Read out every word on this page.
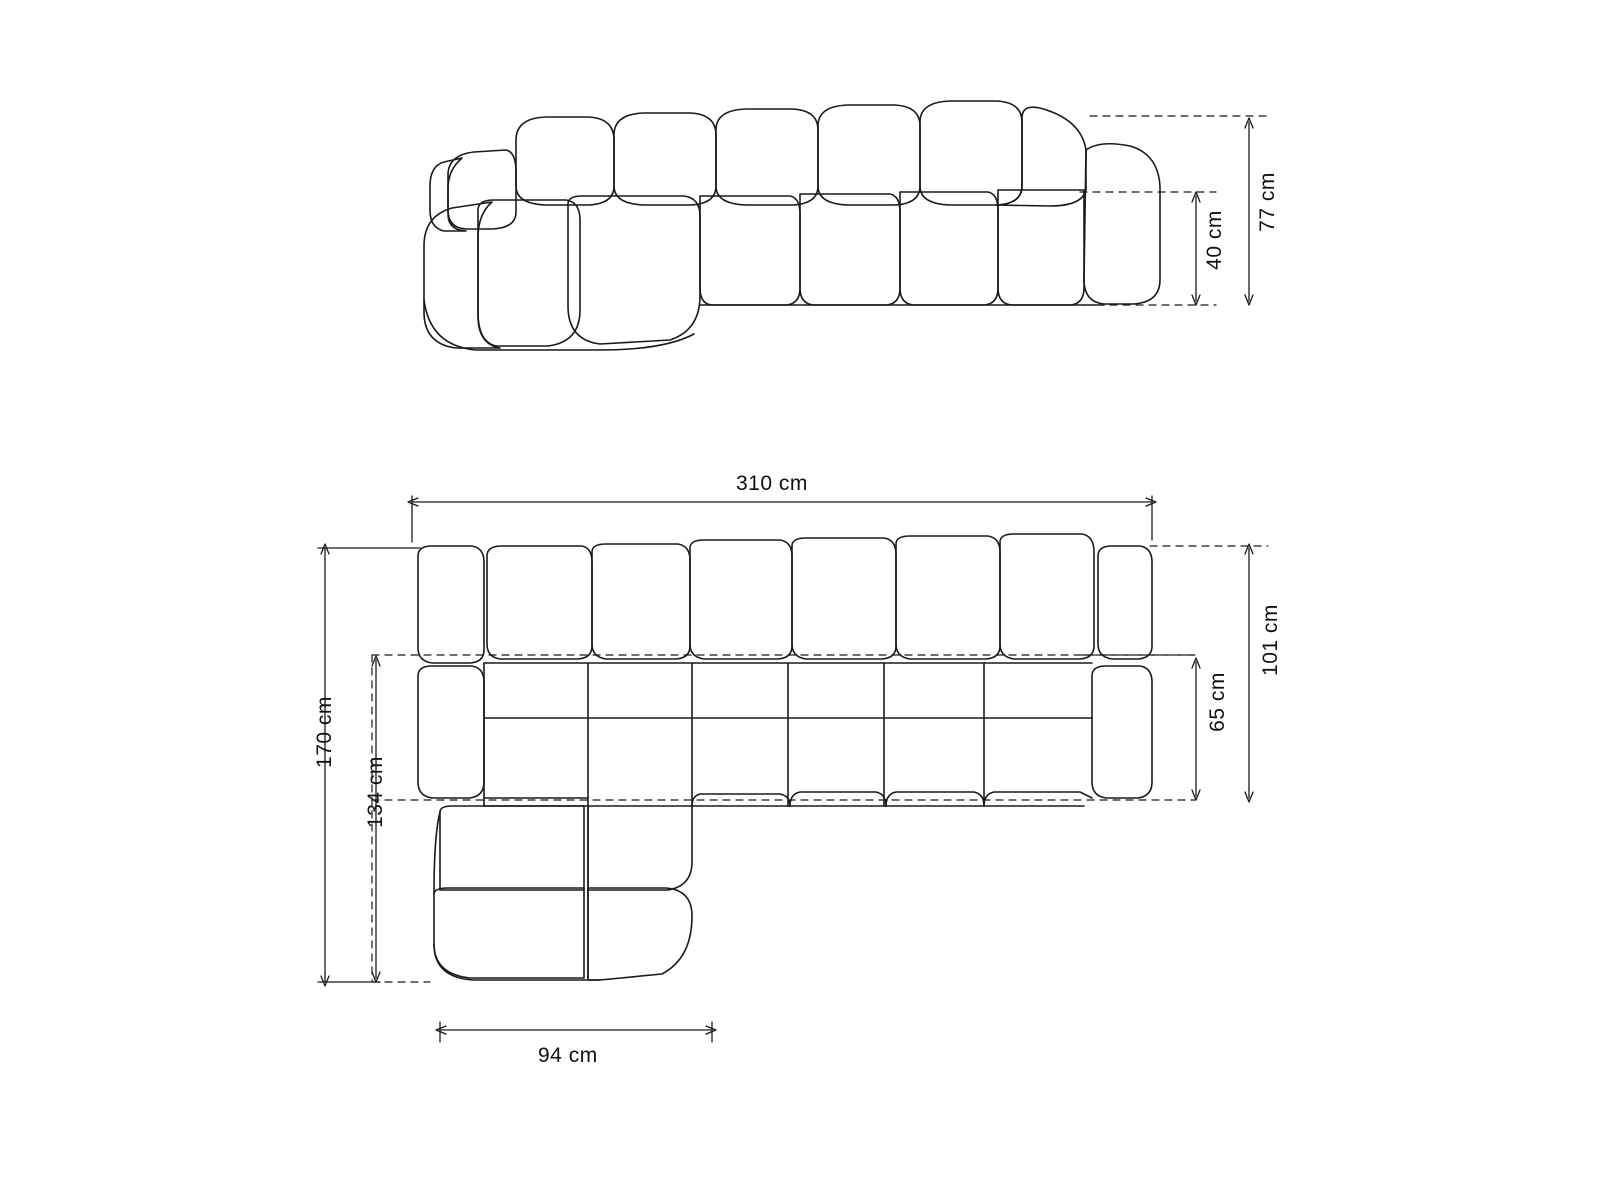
77 cm
40 cm
310 cm
170 cm
134 cm
101 cm
65 cm
94 cm
